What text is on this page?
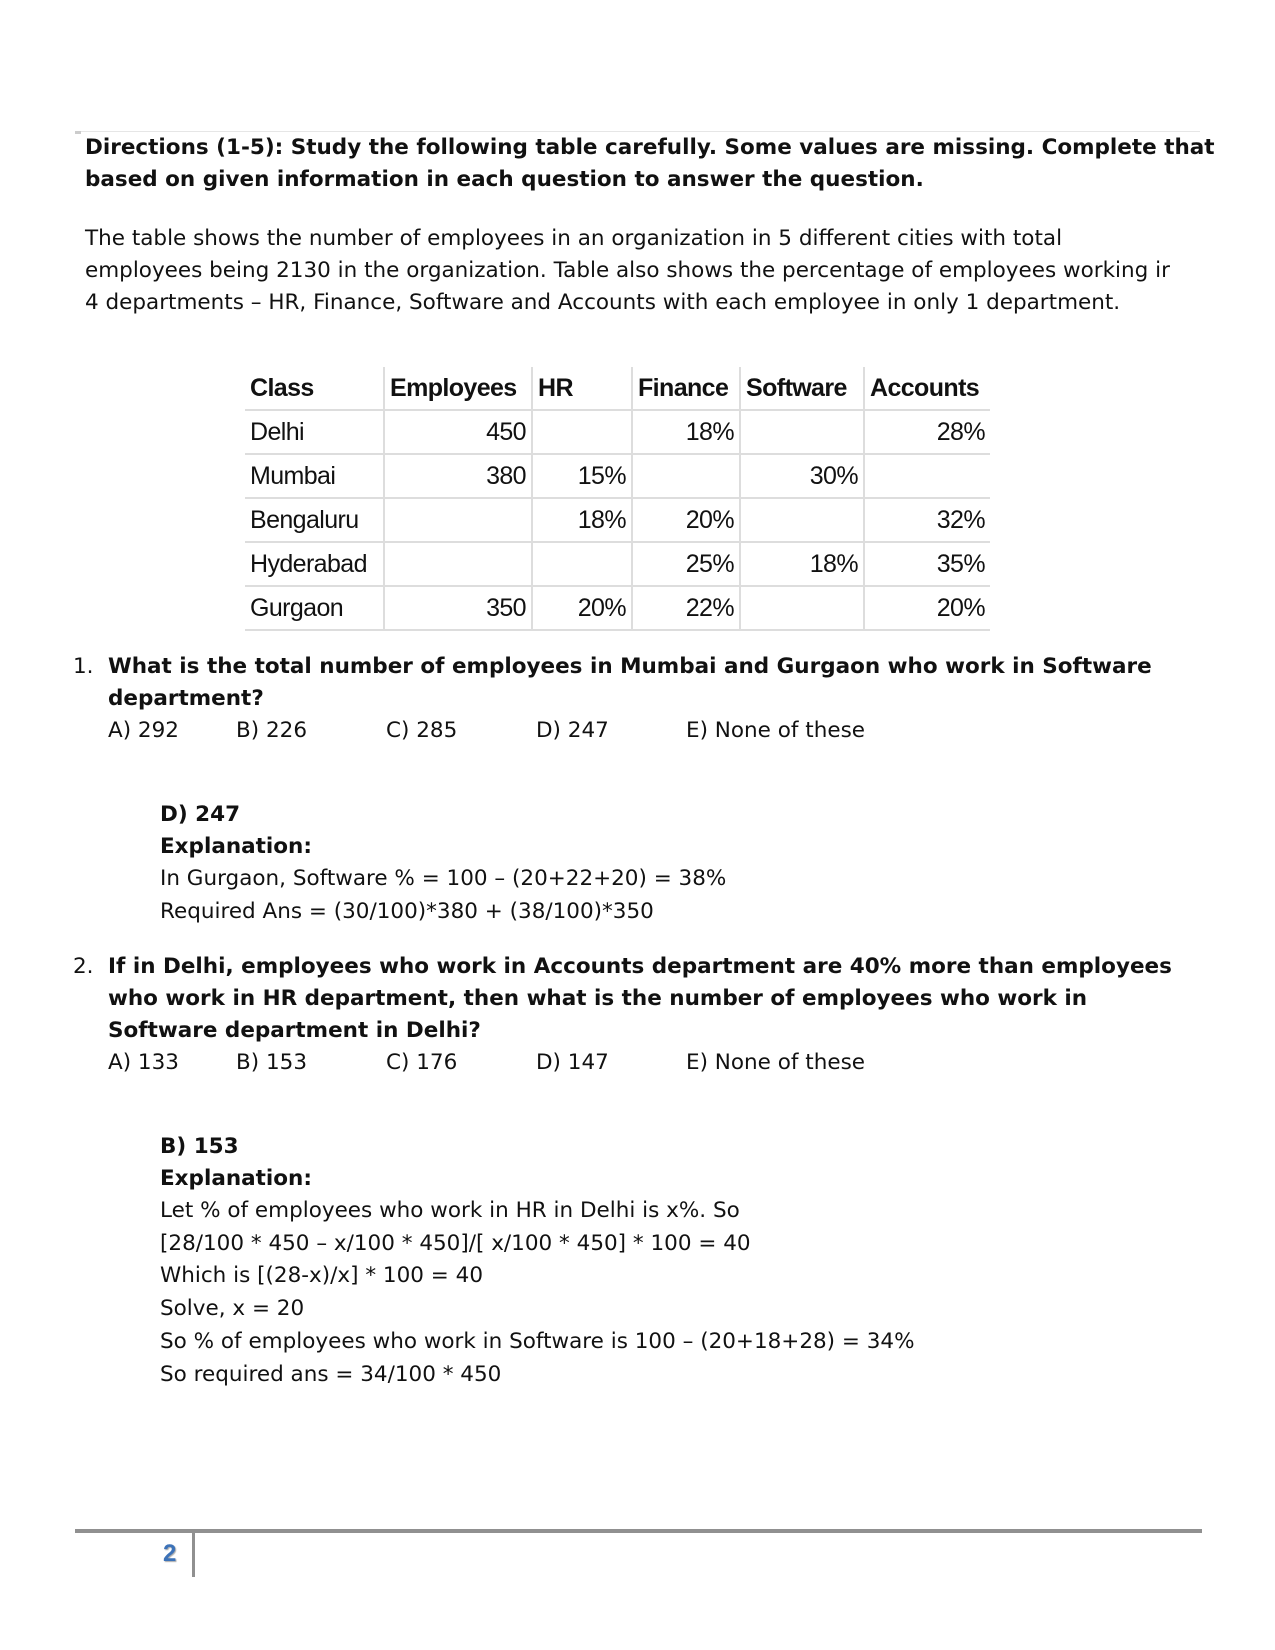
Directions (1-5): Study the following table carefully. Some values are missing. Complete that
based on given information in each question to answer the question.
The table shows the number of employees in an organization in 5 different cities with total
employees being 2130 in the organization. Table also shows the percentage of employees working ir
4 departments – HR, Finance, Software and Accounts with each employee in only 1 department.
Class	Employees	HR	Finance	Software	Accounts
Delhi	450		18%		28%
Mumbai	380	15%		30%	
Bengaluru		18%	20%		32%
Hyderabad			25%	18%	35%
Gurgaon	350	20%	22%		20%
1. What is the total number of employees in Mumbai and Gurgaon who work in Software
department?
A) 292	B) 226	C) 285	D) 247	E) None of these
D) 247
Explanation:
In Gurgaon, Software % = 100 – (20+22+20) = 38%
Required Ans = (30/100)*380 + (38/100)*350
2. If in Delhi, employees who work in Accounts department are 40% more than employees
who work in HR department, then what is the number of employees who work in
Software department in Delhi?
A) 133	B) 153	C) 176	D) 147	E) None of these
B) 153
Explanation:
Let % of employees who work in HR in Delhi is x%. So
[28/100 * 450 – x/100 * 450]/[ x/100 * 450] * 100 = 40
Which is [(28-x)/x] * 100 = 40
Solve, x = 20
So % of employees who work in Software is 100 – (20+18+28) = 34%
So required ans = 34/100 * 450
2
